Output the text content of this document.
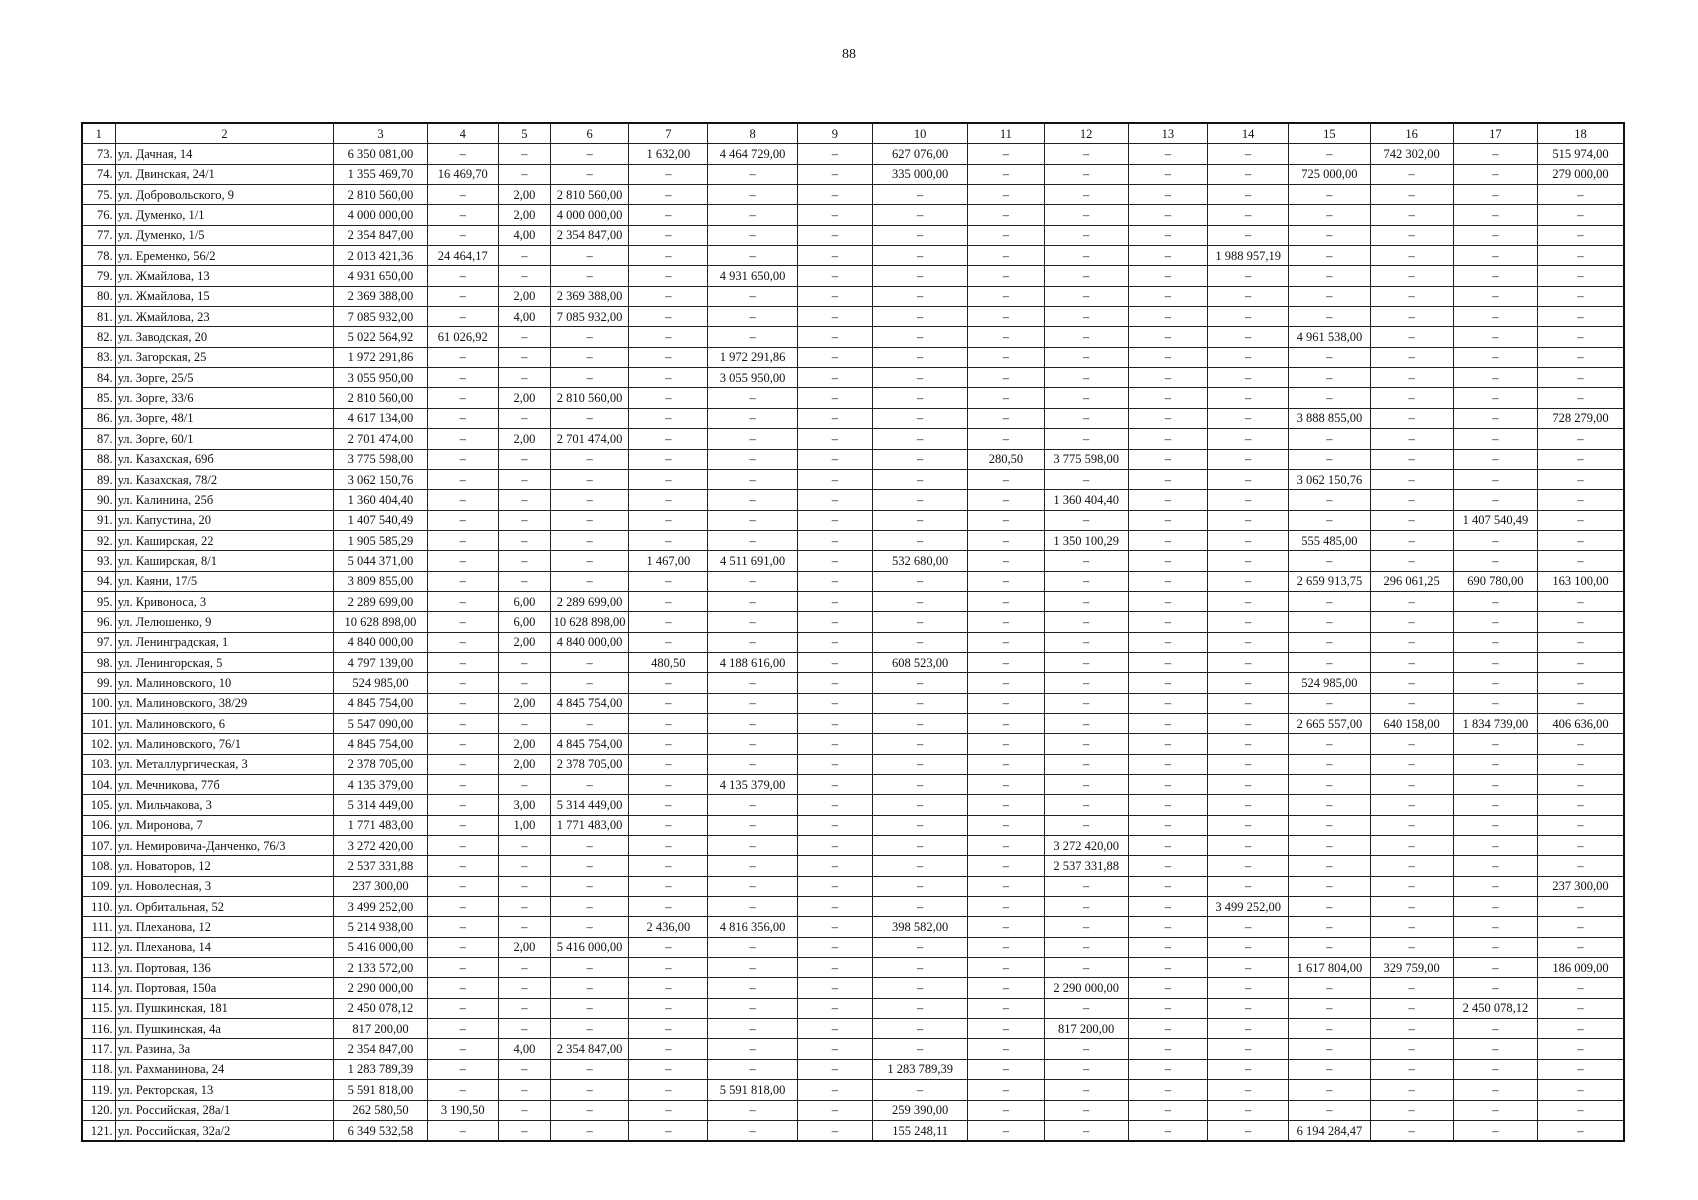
88
1	2	3	4	5	6	7	8	9	10	11	12	13	14	15	16	17	18
73.	ул. Дачная, 14	6 350 081,00	–	–	–	1 632,00	4 464 729,00	–	627 076,00	–	–	–	–	–	742 302,00	–	515 974,00
74.	ул. Двинская, 24/1	1 355 469,70	16 469,70	–	–	–	–	–	335 000,00	–	–	–	–	725 000,00	–	–	279 000,00
75.	ул. Добровольского, 9	2 810 560,00	–	2,00	2 810 560,00	–	–	–	–	–	–	–	–	–	–	–	–
76.	ул. Думенко, 1/1	4 000 000,00	–	2,00	4 000 000,00	–	–	–	–	–	–	–	–	–	–	–	–
77.	ул. Думенко, 1/5	2 354 847,00	–	4,00	2 354 847,00	–	–	–	–	–	–	–	–	–	–	–	–
78.	ул. Еременко, 56/2	2 013 421,36	24 464,17	–	–	–	–	–	–	–	–	–	1 988 957,19	–	–	–	–
79.	ул. Жмайлова, 13	4 931 650,00	–	–	–	–	4 931 650,00	–	–	–	–	–	–	–	–	–	–
80.	ул. Жмайлова, 15	2 369 388,00	–	2,00	2 369 388,00	–	–	–	–	–	–	–	–	–	–	–	–
81.	ул. Жмайлова, 23	7 085 932,00	–	4,00	7 085 932,00	–	–	–	–	–	–	–	–	–	–	–	–
82.	ул. Заводская, 20	5 022 564,92	61 026,92	–	–	–	–	–	–	–	–	–	–	4 961 538,00	–	–	–
83.	ул. Загорская, 25	1 972 291,86	–	–	–	–	1 972 291,86	–	–	–	–	–	–	–	–	–	–
84.	ул. Зорге, 25/5	3 055 950,00	–	–	–	–	3 055 950,00	–	–	–	–	–	–	–	–	–	–
85.	ул. Зорге, 33/6	2 810 560,00	–	2,00	2 810 560,00	–	–	–	–	–	–	–	–	–	–	–	–
86.	ул. Зорге, 48/1	4 617 134,00	–	–	–	–	–	–	–	–	–	–	–	3 888 855,00	–	–	728 279,00
87.	ул. Зорге, 60/1	2 701 474,00	–	2,00	2 701 474,00	–	–	–	–	–	–	–	–	–	–	–	–
88.	ул. Казахская, 69б	3 775 598,00	–	–	–	–	–	–	–	280,50	3 775 598,00	–	–	–	–	–	–
89.	ул. Казахская, 78/2	3 062 150,76	–	–	–	–	–	–	–	–	–	–	–	3 062 150,76	–	–	–
90.	ул. Калинина, 25б	1 360 404,40	–	–	–	–	–	–	–	–	1 360 404,40	–	–	–	–	–	–
91.	ул. Капустина, 20	1 407 540,49	–	–	–	–	–	–	–	–	–	–	–	–	–	1 407 540,49	–
92.	ул. Каширская, 22	1 905 585,29	–	–	–	–	–	–	–	–	1 350 100,29	–	–	555 485,00	–	–	–
93.	ул. Каширская, 8/1	5 044 371,00	–	–	–	1 467,00	4 511 691,00	–	532 680,00	–	–	–	–	–	–	–	–
94.	ул. Каяни, 17/5	3 809 855,00	–	–	–	–	–	–	–	–	–	–	–	2 659 913,75	296 061,25	690 780,00	163 100,00
95.	ул. Кривоноса, 3	2 289 699,00	–	6,00	2 289 699,00	–	–	–	–	–	–	–	–	–	–	–	–
96.	ул. Лелюшенко, 9	10 628 898,00	–	6,00	10 628 898,00	–	–	–	–	–	–	–	–	–	–	–	–
97.	ул. Ленинградская, 1	4 840 000,00	–	2,00	4 840 000,00	–	–	–	–	–	–	–	–	–	–	–	–
98.	ул. Ленингорская, 5	4 797 139,00	–	–	–	480,50	4 188 616,00	–	608 523,00	–	–	–	–	–	–	–	–
99.	ул. Малиновского, 10	524 985,00	–	–	–	–	–	–	–	–	–	–	–	524 985,00	–	–	–
100.	ул. Малиновского, 38/29	4 845 754,00	–	2,00	4 845 754,00	–	–	–	–	–	–	–	–	–	–	–	–
101.	ул. Малиновского, 6	5 547 090,00	–	–	–	–	–	–	–	–	–	–	–	2 665 557,00	640 158,00	1 834 739,00	406 636,00
102.	ул. Малиновского, 76/1	4 845 754,00	–	2,00	4 845 754,00	–	–	–	–	–	–	–	–	–	–	–	–
103.	ул. Металлургическая, 3	2 378 705,00	–	2,00	2 378 705,00	–	–	–	–	–	–	–	–	–	–	–	–
104.	ул. Мечникова, 77б	4 135 379,00	–	–	–	–	4 135 379,00	–	–	–	–	–	–	–	–	–	–
105.	ул. Мильчакова, 3	5 314 449,00	–	3,00	5 314 449,00	–	–	–	–	–	–	–	–	–	–	–	–
106.	ул. Миронова, 7	1 771 483,00	–	1,00	1 771 483,00	–	–	–	–	–	–	–	–	–	–	–	–
107.	ул. Немировича-Данченко, 76/3	3 272 420,00	–	–	–	–	–	–	–	–	3 272 420,00	–	–	–	–	–	–
108.	ул. Новаторов, 12	2 537 331,88	–	–	–	–	–	–	–	–	2 537 331,88	–	–	–	–	–	–
109.	ул. Новолесная, 3	237 300,00	–	–	–	–	–	–	–	–	–	–	–	–	–	–	237 300,00
110.	ул. Орбитальная, 52	3 499 252,00	–	–	–	–	–	–	–	–	–	–	3 499 252,00	–	–	–	–
111.	ул. Плеханова, 12	5 214 938,00	–	–	–	2 436,00	4 816 356,00	–	398 582,00	–	–	–	–	–	–	–	–
112.	ул. Плеханова, 14	5 416 000,00	–	2,00	5 416 000,00	–	–	–	–	–	–	–	–	–	–	–	–
113.	ул. Портовая, 136	2 133 572,00	–	–	–	–	–	–	–	–	–	–	–	1 617 804,00	329 759,00	–	186 009,00
114.	ул. Портовая, 150а	2 290 000,00	–	–	–	–	–	–	–	–	2 290 000,00	–	–	–	–	–	–
115.	ул. Пушкинская, 181	2 450 078,12	–	–	–	–	–	–	–	–	–	–	–	–	–	2 450 078,12	–
116.	ул. Пушкинская, 4а	817 200,00	–	–	–	–	–	–	–	–	817 200,00	–	–	–	–	–	–
117.	ул. Разина, 3а	2 354 847,00	–	4,00	2 354 847,00	–	–	–	–	–	–	–	–	–	–	–	–
118.	ул. Рахманинова, 24	1 283 789,39	–	–	–	–	–	–	1 283 789,39	–	–	–	–	–	–	–	–
119.	ул. Ректорская, 13	5 591 818,00	–	–	–	–	5 591 818,00	–	–	–	–	–	–	–	–	–	–
120.	ул. Российская, 28а/1	262 580,50	3 190,50	–	–	–	–	–	259 390,00	–	–	–	–	–	–	–	–
121.	ул. Российская, 32а/2	6 349 532,58	–	–	–	–	–	–	155 248,11	–	–	–	–	6 194 284,47	–	–	–
